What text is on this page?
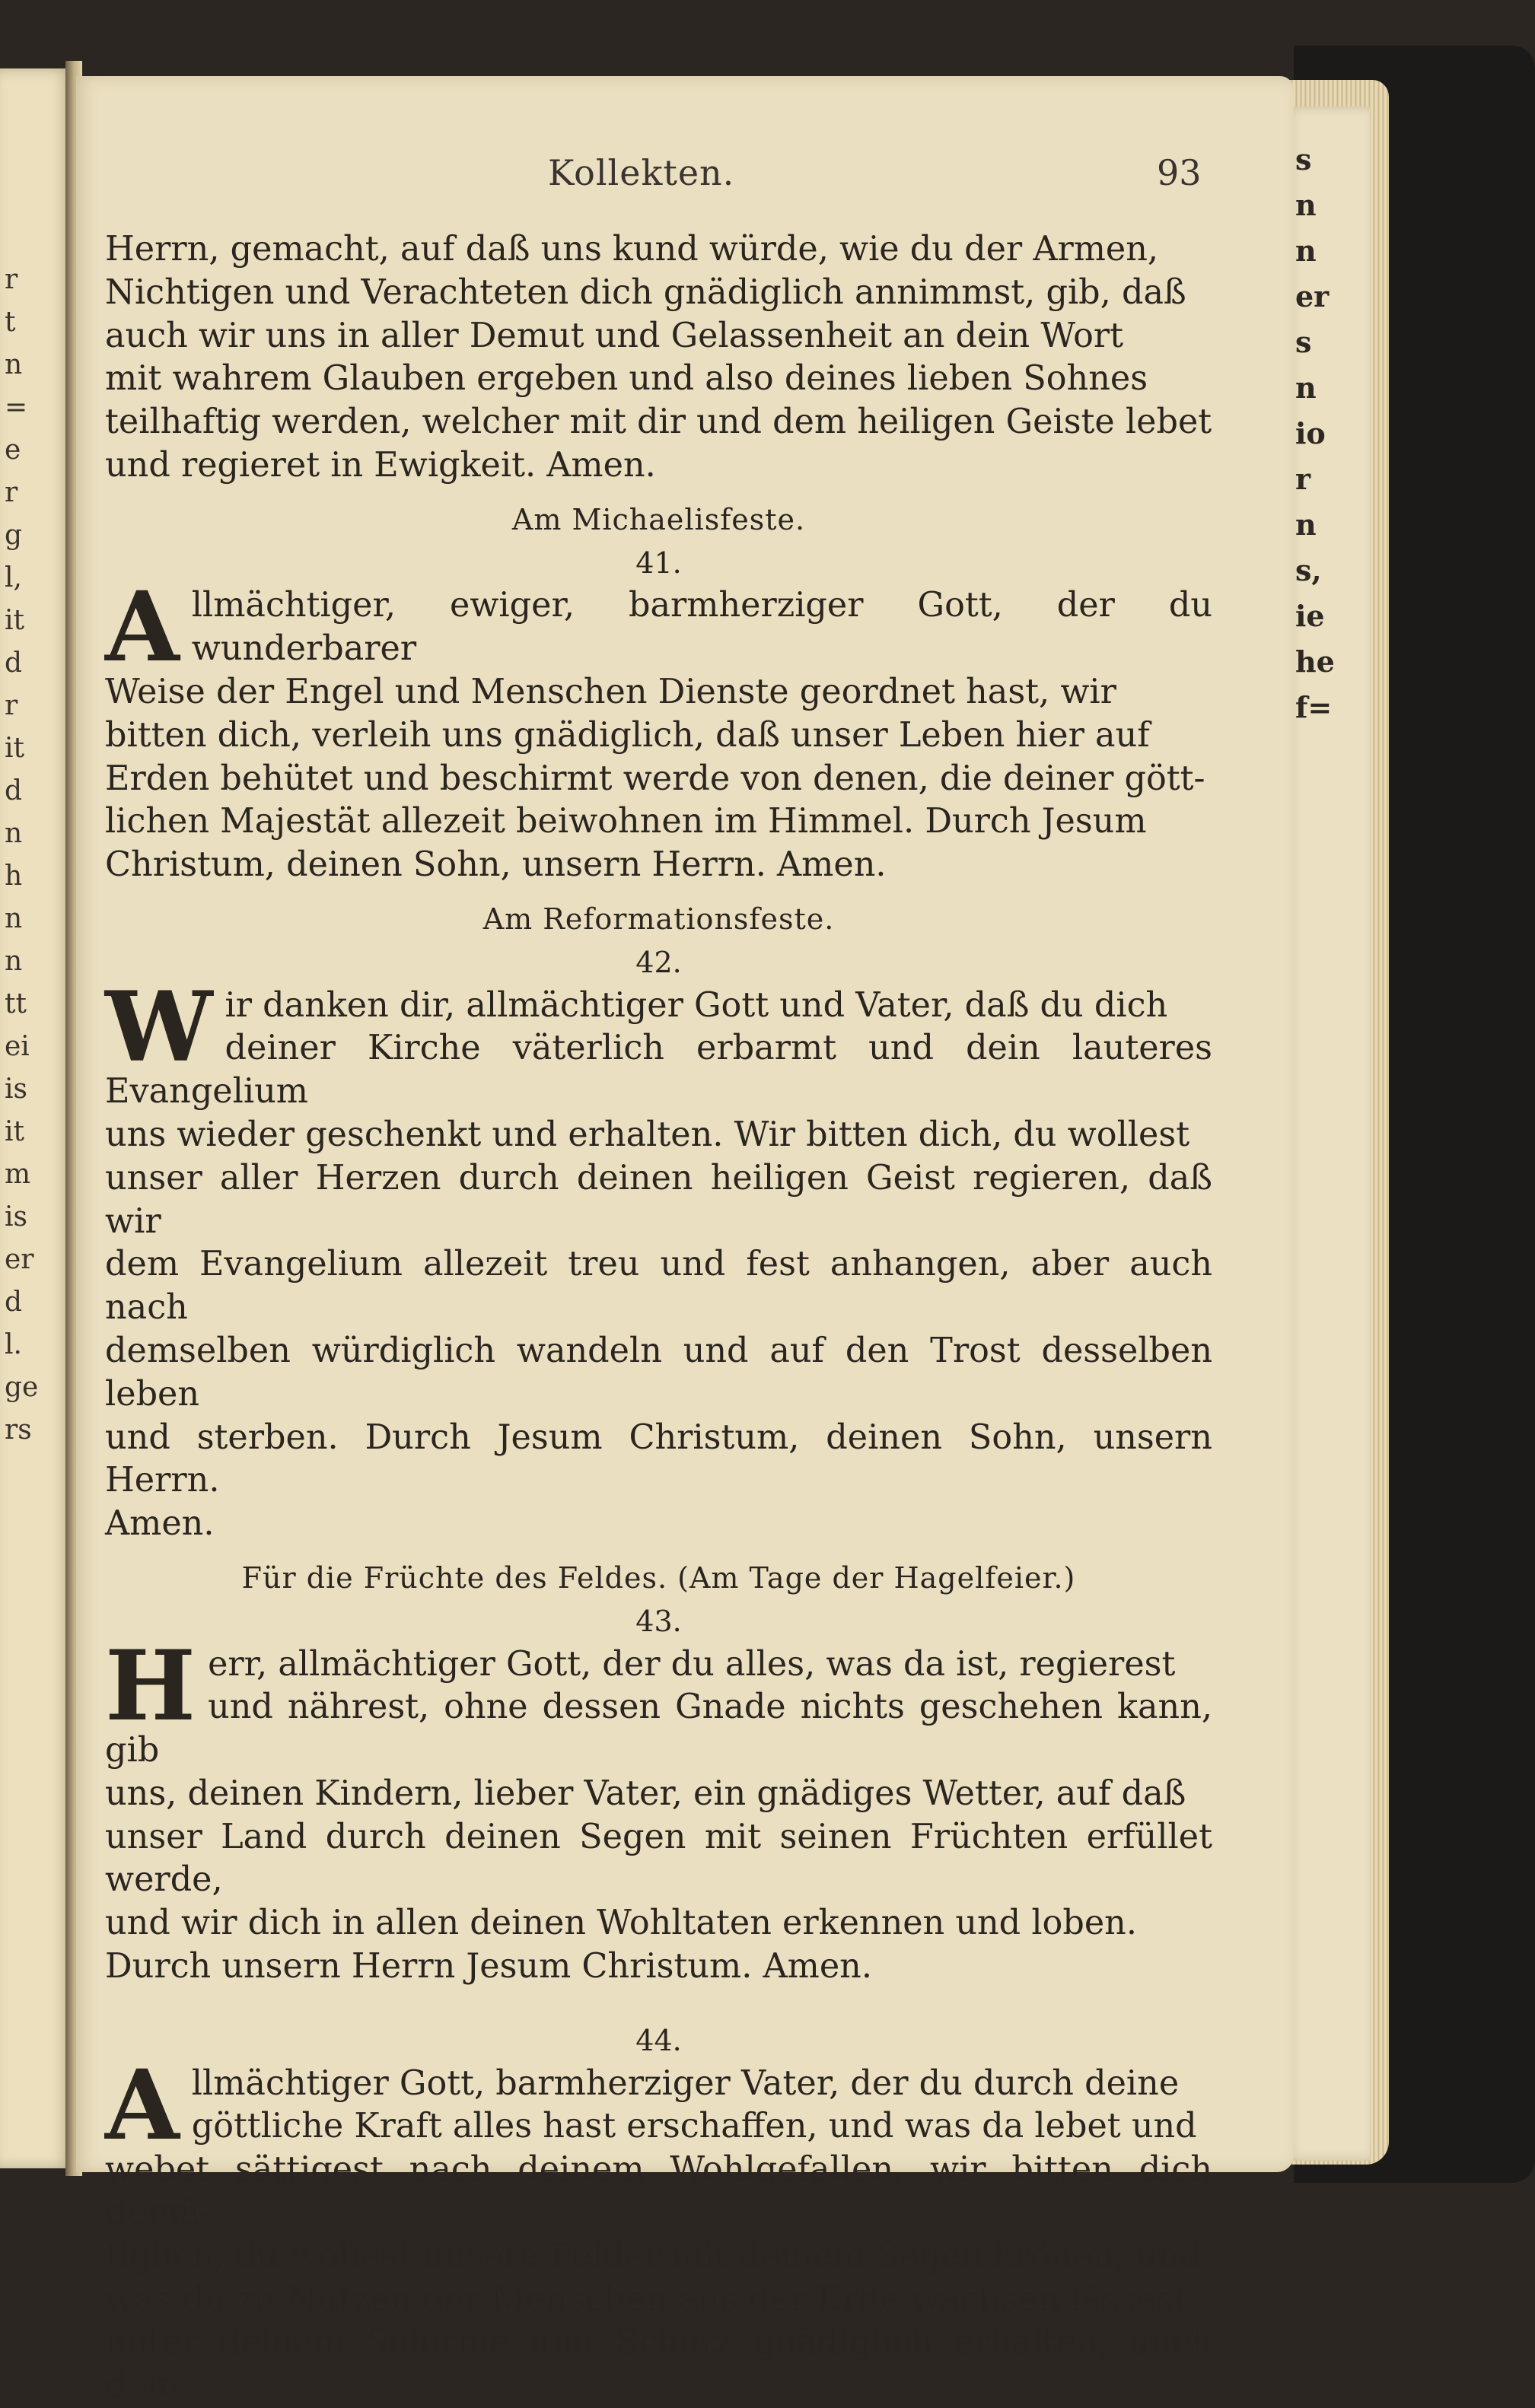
r
t
n
=
e
r
g
l,
it
d
r
it
d
n
h
n
n
tt
ei
is
it
m
is
er
d
l.
ge
rs
s
n
n
er
s
n
io
r
n
s,
ie
he
f=
Kollekten.	93

Herrn, gemacht, auf daß uns kund würde, wie du der Armen,

Nichtigen und Verachteten dich gnädiglich annimmst, gib, daß

auch wir uns in aller Demut und Gelassenheit an dein Wort

mit wahrem Glauben ergeben und also deines lieben Sohnes

teilhaftig werden, welcher mit dir und dem heiligen Geiste lebet

und regieret in Ewigkeit. Amen.

Am Michaelisfeste.

41.

A llmächtiger, ewiger, barmherziger Gott, der du wunderbarer

Weise der Engel und Menschen Dienste geordnet hast, wir

bitten dich, verleih uns gnädiglich, daß unser Leben hier auf

Erden behütet und beschirmt werde von denen, die deiner gött-

lichen Majestät allezeit beiwohnen im Himmel. Durch Jesum

Christum, deinen Sohn, unsern Herrn. Amen.

Am Reformationsfeste.

42.

W ir danken dir, allmächtiger Gott und Vater, daß du dich

deiner Kirche väterlich erbarmt und dein lauteres Evangelium

uns wieder geschenkt und erhalten. Wir bitten dich, du wollest

unser aller Herzen durch deinen heiligen Geist regieren, daß wir

dem Evangelium allezeit treu und fest anhangen, aber auch nach

demselben würdiglich wandeln und auf den Trost desselben leben

und sterben. Durch Jesum Christum, deinen Sohn, unsern Herrn.

Amen.

Für die Früchte des Feldes. (Am Tage der Hagelfeier.)

43.

H err, allmächtiger Gott, der du alles, was da ist, regierest

und nährest, ohne dessen Gnade nichts geschehen kann, gib

uns, deinen Kindern, lieber Vater, ein gnädiges Wetter, auf daß

unser Land durch deinen Segen mit seinen Früchten erfüllet werde,

und wir dich in allen deinen Wohltaten erkennen und loben.

Durch unsern Herrn Jesum Christum. Amen.

44.

A llmächtiger Gott, barmherziger Vater, der du durch deine

göttliche Kraft alles hast erschaffen, und was da lebet und

webet sättigest nach deinem Wohlgefallen, wir bitten dich demü-

tiglich, du wollest unsere Felder mit deinem Segen krönen, und

was du zu Nutzen der Menschen aus der Erde wachsen lässest,

unter deinem Schirme und Schutz gnädiglich erhalten, auch dein
